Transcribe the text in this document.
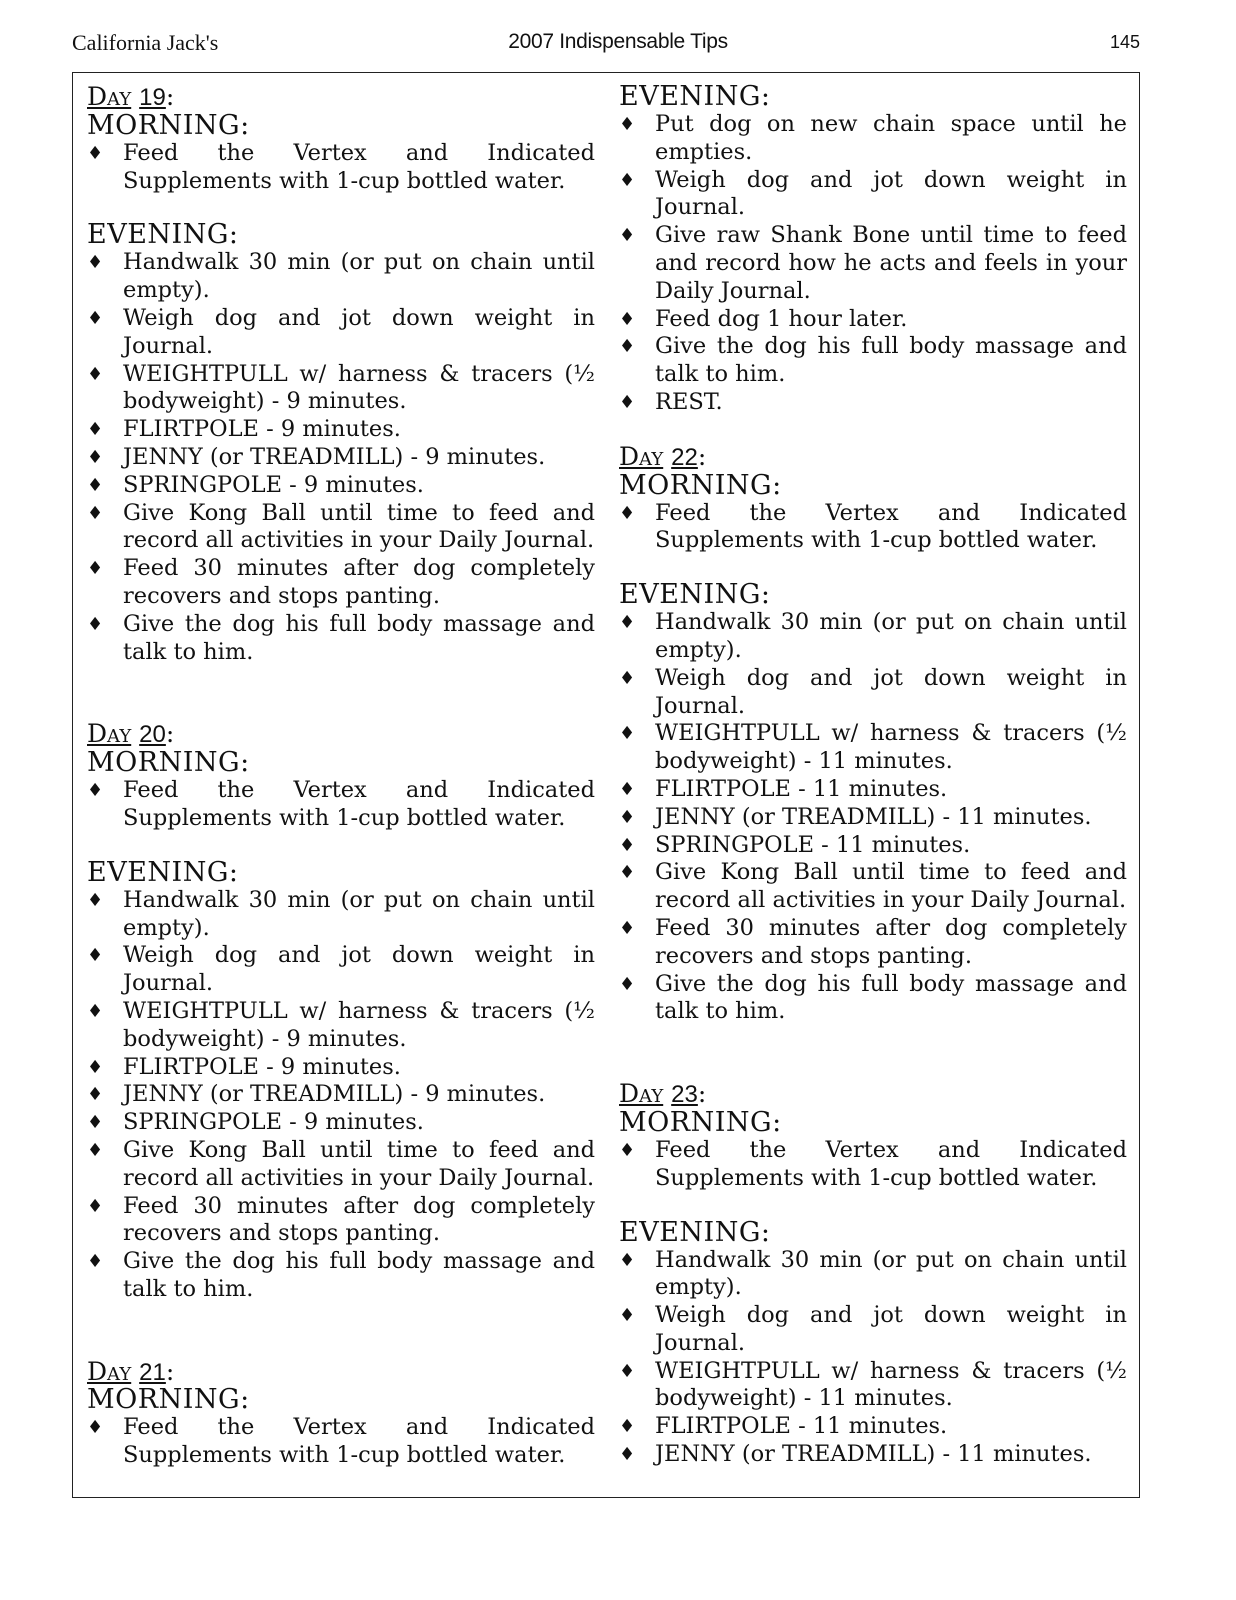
California Jack's	2007 Indispensable Tips	145
Day 19:
MORNING:
♦ Feed the Vertex and Indicated Supplements with 1-cup bottled water.
EVENING:
♦ Handwalk 30 min (or put on chain until empty).
♦ Weigh dog and jot down weight in Journal.
♦ WEIGHTPULL w/ harness & tracers (½ bodyweight) - 9 minutes.
♦ FLIRTPOLE - 9 minutes.
♦ JENNY (or TREADMILL) - 9 minutes.
♦ SPRINGPOLE - 9 minutes.
♦ Give Kong Ball until time to feed and record all activities in your Daily Journal.
♦ Feed 30 minutes after dog completely recovers and stops panting.
♦ Give the dog his full body massage and talk to him.
Day 20:
MORNING:
♦ Feed the Vertex and Indicated Supplements with 1-cup bottled water.
EVENING:
♦ Handwalk 30 min (or put on chain until empty).
♦ Weigh dog and jot down weight in Journal.
♦ WEIGHTPULL w/ harness & tracers (½ bodyweight) - 9 minutes.
♦ FLIRTPOLE - 9 minutes.
♦ JENNY (or TREADMILL) - 9 minutes.
♦ SPRINGPOLE - 9 minutes.
♦ Give Kong Ball until time to feed and record all activities in your Daily Journal.
♦ Feed 30 minutes after dog completely recovers and stops panting.
♦ Give the dog his full body massage and talk to him.
Day 21:
MORNING:
♦ Feed the Vertex and Indicated Supplements with 1-cup bottled water.
EVENING:
♦ Put dog on new chain space until he empties.
♦ Weigh dog and jot down weight in Journal.
♦ Give raw Shank Bone until time to feed and record how he acts and feels in your Daily Journal.
♦ Feed dog 1 hour later.
♦ Give the dog his full body massage and talk to him.
♦ REST.
Day 22:
MORNING:
♦ Feed the Vertex and Indicated Supplements with 1-cup bottled water.
EVENING:
♦ Handwalk 30 min (or put on chain until empty).
♦ Weigh dog and jot down weight in Journal.
♦ WEIGHTPULL w/ harness & tracers (½ bodyweight) - 11 minutes.
♦ FLIRTPOLE - 11 minutes.
♦ JENNY (or TREADMILL) - 11 minutes.
♦ SPRINGPOLE - 11 minutes.
♦ Give Kong Ball until time to feed and record all activities in your Daily Journal.
♦ Feed 30 minutes after dog completely recovers and stops panting.
♦ Give the dog his full body massage and talk to him.
Day 23:
MORNING:
♦ Feed the Vertex and Indicated Supplements with 1-cup bottled water.
EVENING:
♦ Handwalk 30 min (or put on chain until empty).
♦ Weigh dog and jot down weight in Journal.
♦ WEIGHTPULL w/ harness & tracers (½ bodyweight) - 11 minutes.
♦ FLIRTPOLE - 11 minutes.
♦ JENNY (or TREADMILL) - 11 minutes.
